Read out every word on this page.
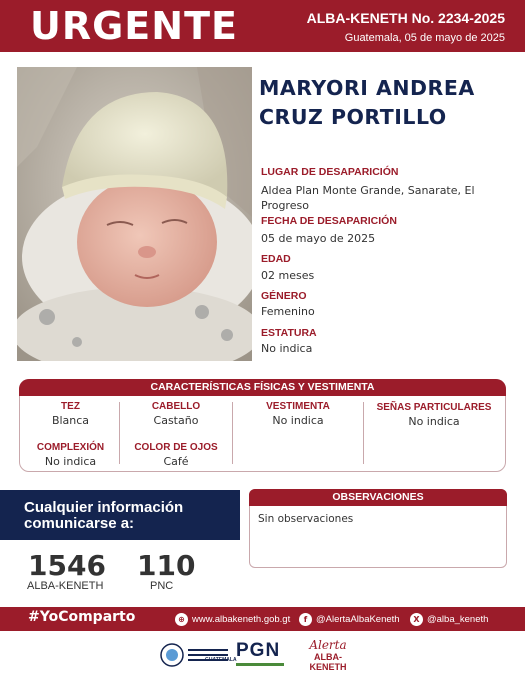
URGENTE	ALBA-KENETH No. 2234-2025
Guatemala, 05 de mayo de 2025
MARYORI ANDREA
CRUZ PORTILLO
LUGAR DE DESAPARICIÓN
Aldea Plan Monte Grande, Sanarate, El Progreso
FECHA DE DESAPARICIÓN
05 de mayo de 2025
EDAD
02 meses
GÉNERO
Femenino
ESTATURA
No indica
CARACTERÍSTICAS FÍSICAS Y VESTIMENTA
TEZ
Blanca
CABELLO
Castaño
VESTIMENTA
No indica
SEÑAS PARTICULARES
No indica
COMPLEXIÓN
No indica
COLOR DE OJOS
Café
Cualquier información
comunicarse a:
1546
ALBA-KENETH
110
PNC
OBSERVACIONES
Sin observaciones
#YoComparto	⊕ www.albakeneth.gob.gt	f @AlertaAlbaKeneth	X @alba_keneth
GUATEMALA PGN	Alerta
ALBA-KENETH
